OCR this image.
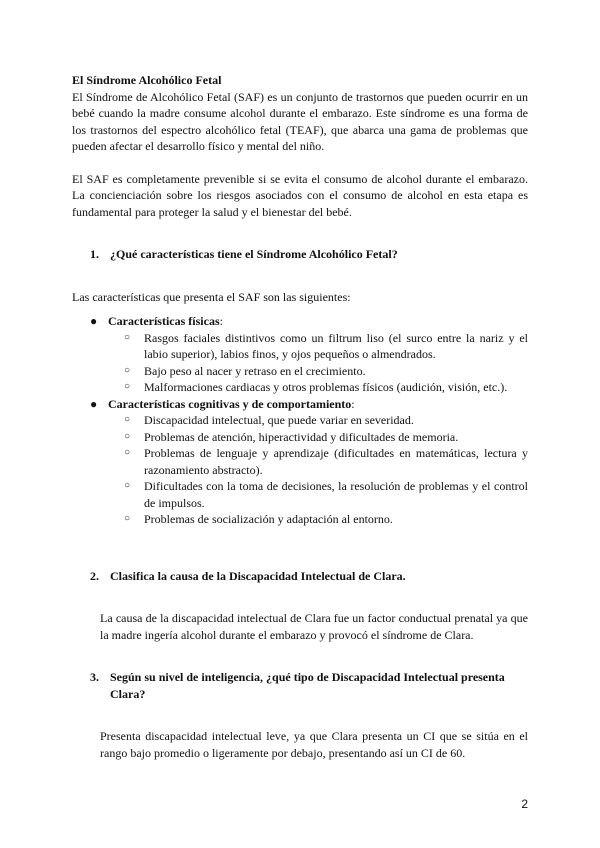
El Síndrome Alcohólico Fetal

El Síndrome de Alcohólico Fetal (SAF) es un conjunto de trastornos que pueden ocurrir en un bebé cuando la madre consume alcohol durante el embarazo. Este síndrome es una forma de los trastornos del espectro alcohólico fetal (TEAF), que abarca una gama de problemas que pueden afectar el desarrollo físico y mental del niño.

El SAF es completamente prevenible si se evita el consumo de alcohol durante el embarazo. La concienciación sobre los riesgos asociados con el consumo de alcohol en esta etapa es fundamental para proteger la salud y el bienestar del bebé.

1. ¿Qué características tiene el Síndrome Alcohólico Fetal?

Las características que presenta el SAF son las siguientes:

● Características físicas:
○ Rasgos faciales distintivos como un filtrum liso (el surco entre la nariz y el labio superior), labios finos, y ojos pequeños o almendrados.
○ Bajo peso al nacer y retraso en el crecimiento.
○ Malformaciones cardiacas y otros problemas físicos (audición, visión, etc.).
● Características cognitivas y de comportamiento:
○ Discapacidad intelectual, que puede variar en severidad.
○ Problemas de atención, hiperactividad y dificultades de memoria.
○ Problemas de lenguaje y aprendizaje (dificultades en matemáticas, lectura y razonamiento abstracto).
○ Dificultades con la toma de decisiones, la resolución de problemas y el control de impulsos.
○ Problemas de socialización y adaptación al entorno.
2. Clasifica la causa de la Discapacidad Intelectual de Clara.

La causa de la discapacidad intelectual de Clara fue un factor conductual prenatal ya que la madre ingería alcohol durante el embarazo y provocó el síndrome de Clara.

3. Según su nivel de inteligencia, ¿qué tipo de Discapacidad Intelectual presenta Clara?

Presenta discapacidad intelectual leve, ya que Clara presenta un CI que se sitúa en el rango bajo promedio o ligeramente por debajo, presentando así un CI de 60.

2
